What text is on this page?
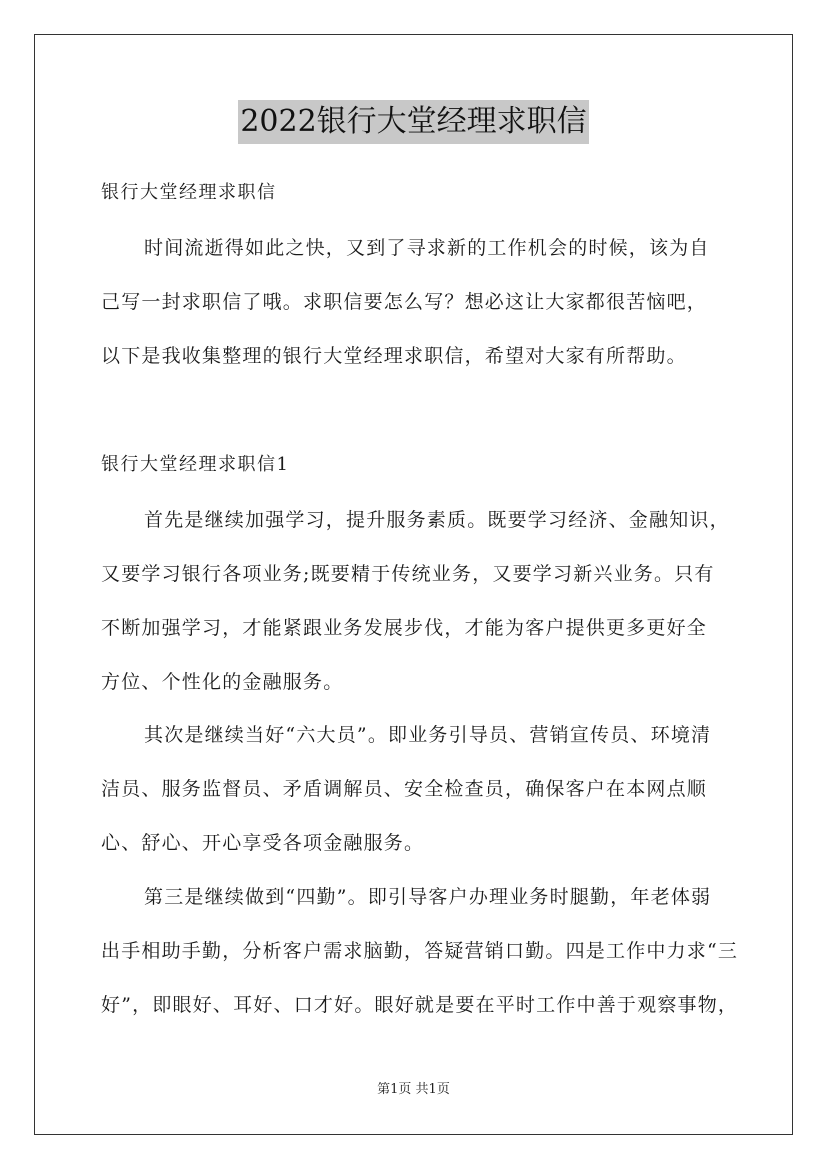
2022银行大堂经理求职信
银行大堂经理求职信
时间流逝得如此之快，又到了寻求新的工作机会的时候，该为自
己写一封求职信了哦。求职信要怎么写？想必这让大家都很苦恼吧，
以下是我收集整理的银行大堂经理求职信，希望对大家有所帮助。
银行大堂经理求职信1
首先是继续加强学习，提升服务素质。既要学习经济、金融知识，
又要学习银行各项业务;既要精于传统业务，又要学习新兴业务。只有
不断加强学习，才能紧跟业务发展步伐，才能为客户提供更多更好全
方位、个性化的金融服务。
其次是继续当好“六大员”。即业务引导员、营销宣传员、环境清
洁员、服务监督员、矛盾调解员、安全检查员，确保客户在本网点顺
心、舒心、开心享受各项金融服务。
第三是继续做到“四勤”。即引导客户办理业务时腿勤，年老体弱
出手相助手勤，分析客户需求脑勤，答疑营销口勤。四是工作中力求“三
好”，即眼好、耳好、口才好。眼好就是要在平时工作中善于观察事物，
第1页 共1页
